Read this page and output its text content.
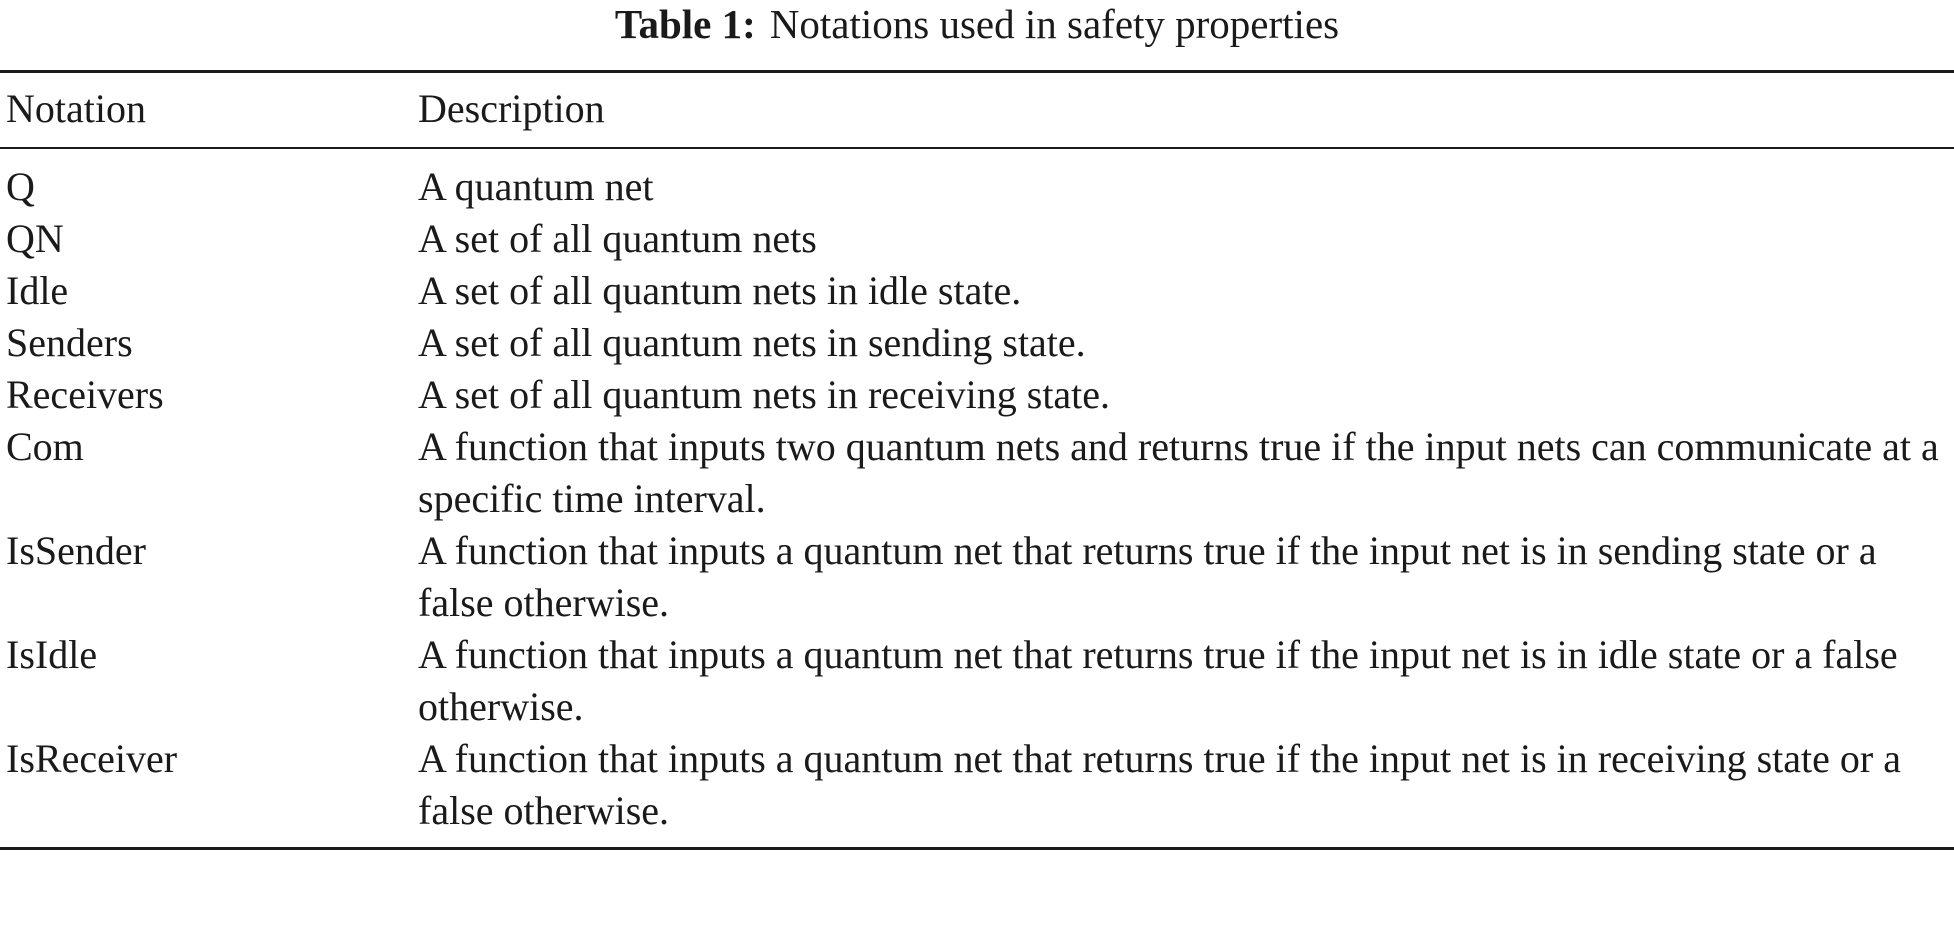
Table 1: Notations used in safety properties
Notation	Description
Q	A quantum net
QN	A set of all quantum nets
Idle	A set of all quantum nets in idle state.
Senders	A set of all quantum nets in sending state.
Receivers	A set of all quantum nets in receiving state.
Com	A function that inputs two quantum nets and returns true if the input nets can communicate at a specific time interval.
IsSender	A function that inputs a quantum net that returns true if the input net is in sending state or a false otherwise.
IsIdle	A function that inputs a quantum net that returns true if the input net is in idle state or a false otherwise.
IsReceiver	A function that inputs a quantum net that returns true if the input net is in receiving state or a false otherwise.
